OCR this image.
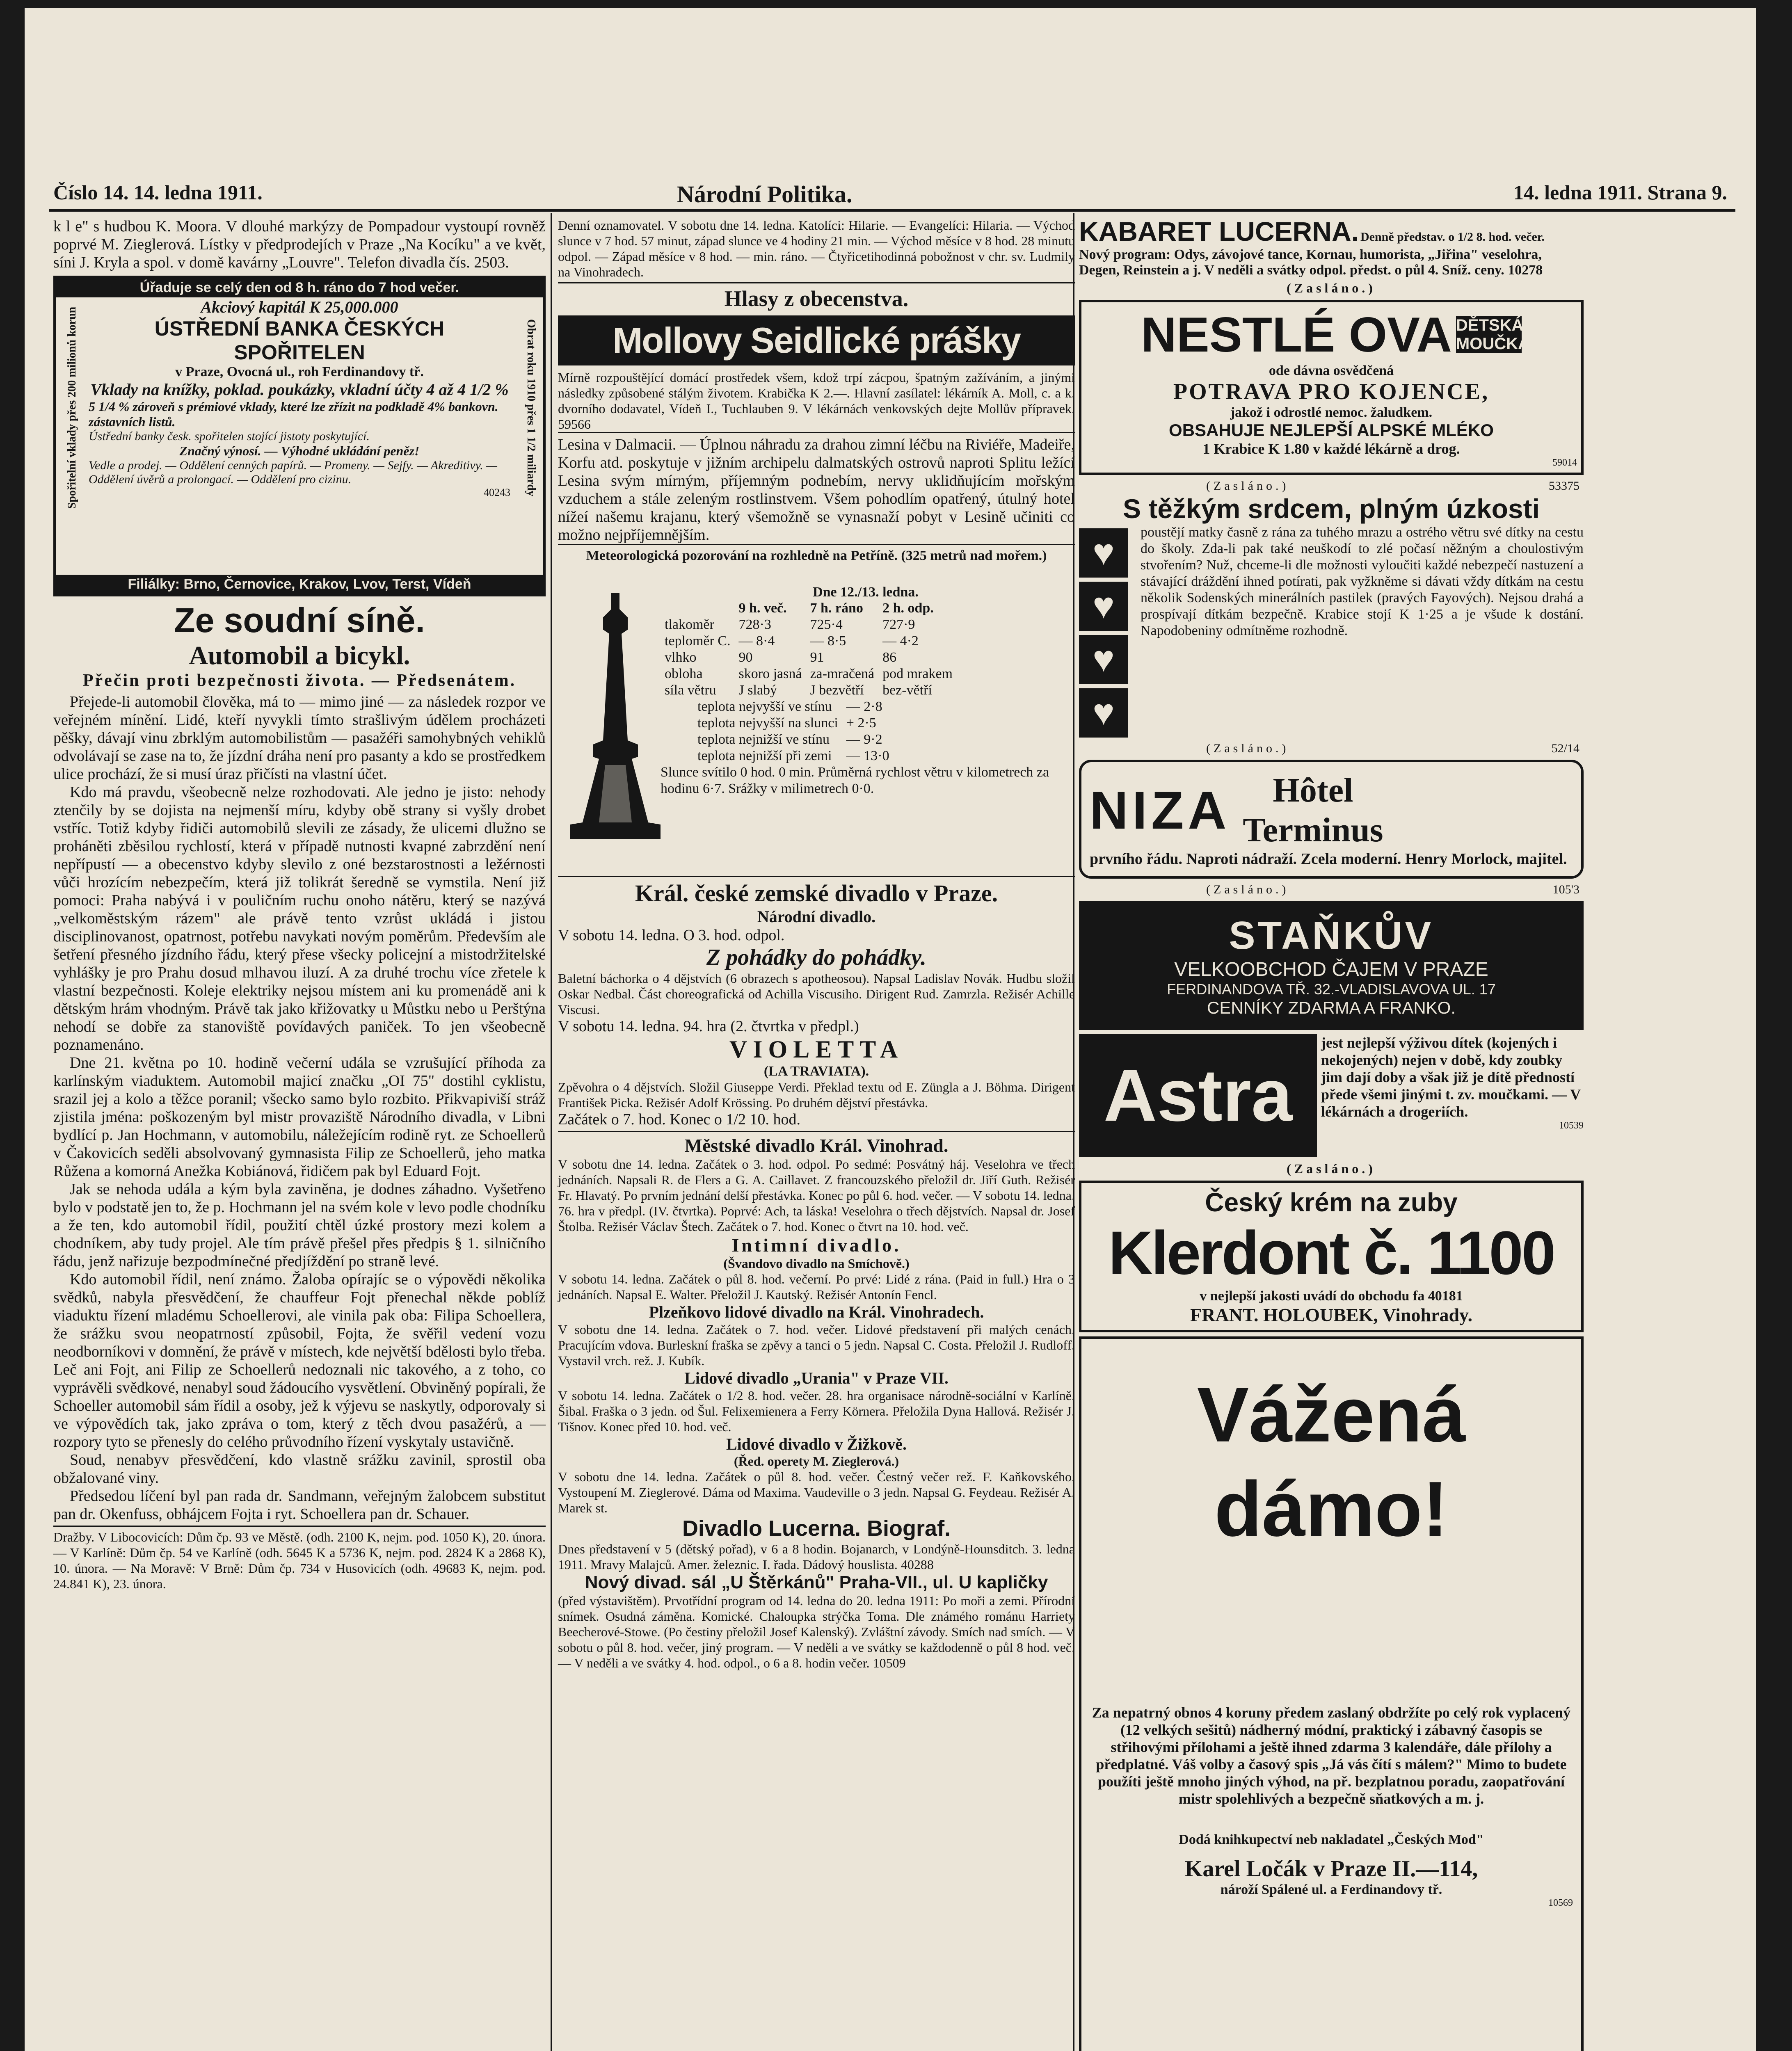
Číslo 14. 14. ledna 1911.	Národní Politika.	14. ledna 1911. Strana 9.

k l e" s hudbou K. Moora. V dlouhé markýzy de Pompadour vystoupí rovněž poprvé M. Zieglerová. Lístky v předprodejích v Praze „Na Kocíku" a ve květ, síni J. Kryla a spol. v domě kavárny „Louvre". Telefon divadla čís. 2503.

Úřaduje se celý den od 8 h. ráno do 7 hod večer.
Spořitelní vklady přes 200 milionů korun	Obrat roku 1910 přes 1 1/2 miliardy
Akciový kapitál K 25,000.000
ÚSTŘEDNÍ BANKA ČESKÝCH SPOŘITELEN
v Praze, Ovocná ul., roh Ferdinandovy tř.
Vklady na knížky, poklad. poukázky, vkladní účty 4 až 4 1/2 %
5 1/4 % zároveň s prémiové vklady, které lze zřízit na podkladě 4% bankovn. zástavních listů.
Ústřední banky česk. spořitelen stojící jistoty poskytující.
Značný výnosí. — Výhodné ukládání peněz!
Vedle a prodej. — Oddělení cenných papírů. — Promeny. — Sejfy. — Akreditivy. — Oddělení úvěrů a prolongací. — Oddělení pro cizinu.
40243
Filiálky: Brno, Černovice, Krakov, Lvov, Terst, Vídeň
Ze soudní síně.
Automobil a bicykl.
Přečin proti bezpečnosti života. — Předsenátem.

Přejede-li automobil člověka, má to — mimo jiné — za následek rozpor ve veřejném mínění. Lidé, kteří nyvykli tímto strašlivým údělem procházeti pěšky, dávají vinu zbrklým automobilistům — pasažéři samohybných vehiklů odvolávají se zase na to, že jízdní dráha není pro pasanty a kdo se prostředkem ulice prochází, že si musí úraz přičísti na vlastní účet.

Kdo má pravdu, všeobecně nelze rozhodovati. Ale jedno je jisto: nehody ztenčily by se dojista na nejmenší míru, kdyby obě strany si vyšly drobet vstříc. Totiž kdyby řidiči automobilů slevili ze zásady, že ulicemi dlužno se proháněti zběsilou rychlostí, která v případě nutnosti kvapné zabrzdění není nepřípustí — a obecenstvo kdyby slevilo z oné bezstarostnosti a ležérnosti vůči hrozícím nebezpečím, která již tolikrát šeredně se vymstila. Není již pomoci: Praha nabývá i v pouličním ruchu onoho nátěru, který se nazývá „velkoměstským rázem" ale právě tento vzrůst ukládá i jistou disciplinovanost, opatrnost, potřebu navykati novým poměrům. Především ale šetření přesného jízdního řádu, který přese všecky policejní a mistodržitelské vyhlášky je pro Prahu dosud mlhavou iluzí. A za druhé trochu více zřetele k vlastní bezpečnosti. Koleje elektriky nejsou místem ani ku promenádě ani k dětským hrám vhodným. Právě tak jako křižovatky u Můstku nebo u Perštýna nehodí se dobře za stanoviště povídavých paniček. To jen všeobecně poznamenáno.

Dne 21. května po 10. hodině večerní udála se vzrušující příhoda za karlínským viaduktem. Automobil majicí značku „OI 75" dostihl cyklistu, srazil jej a kolo a těžce poranil; všecko samo bylo rozbito. Přikvapiviší stráž zjistila jména: poškozeným byl mistr provaziště Národního divadla, v Libni bydlící p. Jan Hochmann, v automobilu, náležejícím rodině ryt. ze Schoellerů v Čakovicích seděli absolvovaný gymnasista Filip ze Schoellerů, jeho matka Růžena a komorná Anežka Kobiánová, řidičem pak byl Eduard Fojt.

Jak se nehoda udála a kým byla zaviněna, je dodnes záhadno. Vyšetřeno bylo v podstatě jen to, že p. Hochmann jel na svém kole v levo podle chodníku a že ten, kdo automobil řídil, použití chtěl úzké prostory mezi kolem a chodníkem, aby tudy projel. Ale tím právě přešel přes předpis § 1. silničního řádu, jenž nařizuje bezpodmínečné předjíždění po straně levé.

Kdo automobil řídil, není známo. Žaloba opírajíc se o výpovědi několika svědků, nabyla přesvědčení, že chauffeur Fojt přenechal někde poblíž viaduktu řízení mladému Schoellerovi, ale vinila pak oba: Filipa Schoellera, že srážku svou neopatrností způsobil, Fojta, že svěřil vedení vozu neodborníkovi v domnění, že právě v místech, kde největší bdělosti bylo třeba. Leč ani Fojt, ani Filip ze Schoellerů nedoznali nic takového, a z toho, co vyprávěli svědkové, nenabyl soud žádoucího vysvětlení. Obviněný popírali, že Schoeller automobil sám řídil a osoby, jež k výjevu se naskytly, odporovaly si ve výpovědích tak, jako zpráva o tom, který z těch dvou pasažérů, a — rozpory tyto se přenesly do celého průvodního řízení vyskytaly ustavičně.

Soud, nenabyv přesvědčení, kdo vlastně srážku zavinil, sprostil oba obžalované viny.

Předsedou líčení byl pan rada dr. Sandmann, veřejným žalobcem substitut pan dr. Okenfuss, obhájcem Fojta i ryt. Schoellera pan dr. Schauer.

Dražby. V Libocovicích: Dům čp. 93 ve Městě. (odh. 2100 K, nejm. pod. 1050 K), 20. února. — V Karlíně: Dům čp. 54 ve Karlíně (odh. 5645 K a 5736 K, nejm. pod. 2824 K a 2868 K), 10. února. — Na Moravě: V Brně: Dům čp. 734 v Husovicích (odh. 49683 K, nejm. pod. 24.841 K), 23. února.

Denní oznamovatel. V sobotu dne 14. ledna. Katolíci: Hilarie. — Evangelíci: Hilaria. — Východ slunce v 7 hod. 57 minut, západ slunce ve 4 hodiny 21 min. — Východ měsíce v 8 hod. 28 minutu odpol. — Západ měsíce v 8 hod. — min. ráno. — Čtyřicetihodinná pobožnost v chr. sv. Ludmily na Vinohradech.

Hlasy z obecenstva.
Mollovy Seidlické prášky

Mírně rozpouštějící domácí prostředek všem, kdož trpí zácpou, špatným zažíváním, a jinými následky způsobené stálým životem. Krabička K 2.—. Hlavní zasílatel: lékárník A. Moll, c. a k. dvorního dodavatel, Vídeň I., Tuchlauben 9. V lékárnách venkovských dejte Mollův přípravek. 59566

Lesina v Dalmacii. — Úplnou náhradu za drahou zimní léčbu na Riviéře, Madeiře, Korfu atd. poskytuje v jižním archipelu dalmatských ostrovů naproti Splitu ležící Lesina svým mírným, příjemným podnebím, nervy uklidňujícím mořským vzduchem a stále zeleným rostlinstvem. Všem pohodlím opatřený, útulný hotel nížeí našemu krajanu, který všemožně se vynasnaží pobyt v Lesině učiniti co možno nejpříjemnějším.

Meteorologická pozorování na rozhledně na Petříně. (325 metrů nad mořem.)
Dne 12./13. ledna.
	9 h. več.	7 h. ráno	2 h. odp.
tlakoměr	728·3	725·4	727·9
teploměr C.	— 8·4	— 8·5	— 4·2
vlhko	90	91	86
obloha	skoro jasná	za-mračená	pod mrakem
síla větru	J slabý	J bezvětří	bez-větří
teplota nejvyšší ve stínu	— 2·8
teplota nejvyšší na slunci	+ 2·5
teplota nejnižší ve stínu	— 9·2
teplota nejnižší při zemi	— 13·0
Slunce svítilo 0 hod. 0 min. Průměrná rychlost větru v kilometrech za hodinu 6·7. Srážky v milimetrech 0·0.
Král. české zemské divadlo v Praze.
Národní divadlo.
V sobotu 14. ledna. O 3. hod. odpol.
Z pohádky do pohádky.

Baletní báchorka o 4 dějstvích (6 obrazech s apotheosou). Napsal Ladislav Novák. Hudbu složil Oskar Nedbal. Část choreografická od Achilla Viscusiho. Dirigent Rud. Zamrzla. Režisér Achille Viscusi.

V sobotu 14. ledna. 94. hra (2. čtvrtka v předpl.)
VIOLETTA
(LA TRAVIATA).

Zpěvohra o 4 dějstvích. Složil Giuseppe Verdi. Překlad textu od E. Züngla a J. Böhma. Dirigent František Picka. Režisér Adolf Krössing. Po druhém dějství přestávka.

Začátek o 7. hod. Konec o 1/2 10. hod.
Městské divadlo Král. Vinohrad.

V sobotu dne 14. ledna. Začátek o 3. hod. odpol. Po sedmé: Posvátný háj. Veselohra ve třech jednáních. Napsali R. de Flers a G. A. Caillavet. Z francouzského přeložil dr. Jiří Guth. Režisér Fr. Hlavatý. Po prvním jednání delší přestávka. Konec po půl 6. hod. večer. — V sobotu 14. ledna. 76. hra v předpl. (IV. čtvrtka). Poprvé: Ach, ta láska! Veselohra o třech dějstvích. Napsal dr. Josef Štolba. Režisér Václav Štech. Začátek o 7. hod. Konec o čtvrt na 10. hod. več.

Intimní divadlo.
(Švandovo divadlo na Smíchově.)

V sobotu 14. ledna. Začátek o půl 8. hod. večerní. Po prvé: Lidé z rána. (Paid in full.) Hra o 3 jednáních. Napsal E. Walter. Přeložil J. Kautský. Režisér Antonín Fencl.

Plzeňkovo lidové divadlo na Král. Vinohradech.

V sobotu dne 14. ledna. Začátek o 7. hod. večer. Lidové představení při malých cenách. Pracujícím vdova. Burleskní fraška se zpěvy a tanci o 5 jedn. Napsal C. Costa. Přeložil J. Rudloff. Vystavil vrch. rež. J. Kubík.

Lidové divadlo „Urania" v Praze VII.

V sobotu 14. ledna. Začátek o 1/2 8. hod. večer. 28. hra organisace národně-sociální v Karlíně. Šibal. Fraška o 3 jedn. od Šul. Felixemienera a Ferry Körnera. Přeložila Dyna Hallová. Režisér J. Tišnov. Konec před 10. hod. več.

Lidové divadlo v Žižkově.
(Řed. operety M. Zieglerová.)

V sobotu dne 14. ledna. Začátek o půl 8. hod. večer. Čestný večer rež. F. Kaňkovského. Vystoupení M. Zieglerové. Dáma od Maxima. Vaudeville o 3 jedn. Napsal G. Feydeau. Režisér A. Marek st.

Divadlo Lucerna. Biograf.

Dnes představení v 5 (dětský pořad), v 6 a 8 hodin. Bojanarch, v Londýně-Hounsditch. 3. ledna 1911. Mravy Malajců. Amer. železnic. I. řada. Dádový houslista. 40288

Nový divad. sál „U Štěrkánů" Praha-VII., ul. U kapličky

(před výstavištěm). Prvotřídní program od 14. ledna do 20. ledna 1911: Po moři a zemi. Přírodní snímek. Osudná záměna. Komické. Chaloupka strýčka Toma. Dle známého románu Harriety Beecherové-Stowe. (Po čestiny přeložil Josef Kalenský). Zvláštní závody. Smích nad smích. — V sobotu o půl 8. hod. večer, jiný program. — V neděli a ve svátky se každodenně o půl 8 hod. več. — V neděli a ve svátky 4. hod. odpol., o 6 a 8. hodin večer. 10509

KABARET LUCERNA. Denně představ. o 1/2 8. hod. večer.
Nový program: Odys, závojové tance, Kornau, humorista, „Jiřina" veselohra, Degen, Reinstein a j. V neděli a svátky odpol. předst. o půl 4. Sníž. ceny. 10278
(Zasláno.)
NESTLÉ OVA DĚTSKÁ MOUČKA
ode dávna osvědčená
POTRAVA PRO KOJENCE,
jakož i odrostlé nemoc. žaludkem.
OBSAHUJE NEJLEPŠÍ ALPSKÉ MLÉKO
1 Krabice K 1.80 v každé lékárně a drog.
59014
(Zasláno.)	53375
S těžkým srdcem, plným úzkosti
♥
♥
♥
♥

poustějí matky časně z rána za tuhého mrazu a ostrého větru své dítky na cestu do školy. Zda-li pak také neuškodí to zlé počasí něžným a choulostivým stvořením? Nuž, chceme-li dle možnosti vyloučiti každé nebezpečí nastuzení a stávající dráždění ihned potírati, pak vyžkněme si dávati vždy dítkám na cestu několik Sodenských minerálních pastilek (pravých Fayových). Nejsou drahá a prospívají dítkám bezpečně. Krabice stojí K 1·25 a je všude k dostání. Napodobeniny odmítněme rozhodně.

(Zasláno.)	52/14
NIZA	Hôtel
Terminus
prvního řádu. Naproti nádraží. Zcela moderní. Henry Morlock, majitel.
(Zasláno.)	105'3
STAŇKŮV
VELKOOBCHOD ČAJEM V PRAZE
FERDINANDOVA TŘ. 32.-VLADISLAVOVA UL. 17
CENNÍKY ZDARMA A FRANKO.
Astra

jest nejlepší výživou dítek (kojených i nekojených) nejen v době, kdy zoubky jim dají doby a však již je dítě předností přede všemi jinými t. zv. moučkami. — V lékárnách a drogeriích.

10539
(Zasláno.)
Český krém na zuby
Klerdont č. 1100
v nejlepší jakosti uvádí do obchodu fa 40181
FRANT. HOLOUBEK, Vinohrady.
Vážená dámo!

Za nepatrný obnos 4 koruny předem zaslaný obdržíte po celý rok vyplacený (12 velkých sešitů) nádherný módní, praktický i zábavný časopis se střihovými přílohami a ještě ihned zdarma 3 kalendáře, dále přílohy a předplatné. Váš volby a časový spis „Já vás čítí s málem?" Mimo to budete použíti ještě mnoho jiných výhod, na př. bezplatnou poradu, zaopatřování mistr spolehlivých a bezpečně sňatkových a m. j.

Dodá knihkupectví neb nakladatel „Českých Mod"
Karel Ločák v Praze II.—114,
nároží Spálené ul. a Ferdinandovy tř.
10569
